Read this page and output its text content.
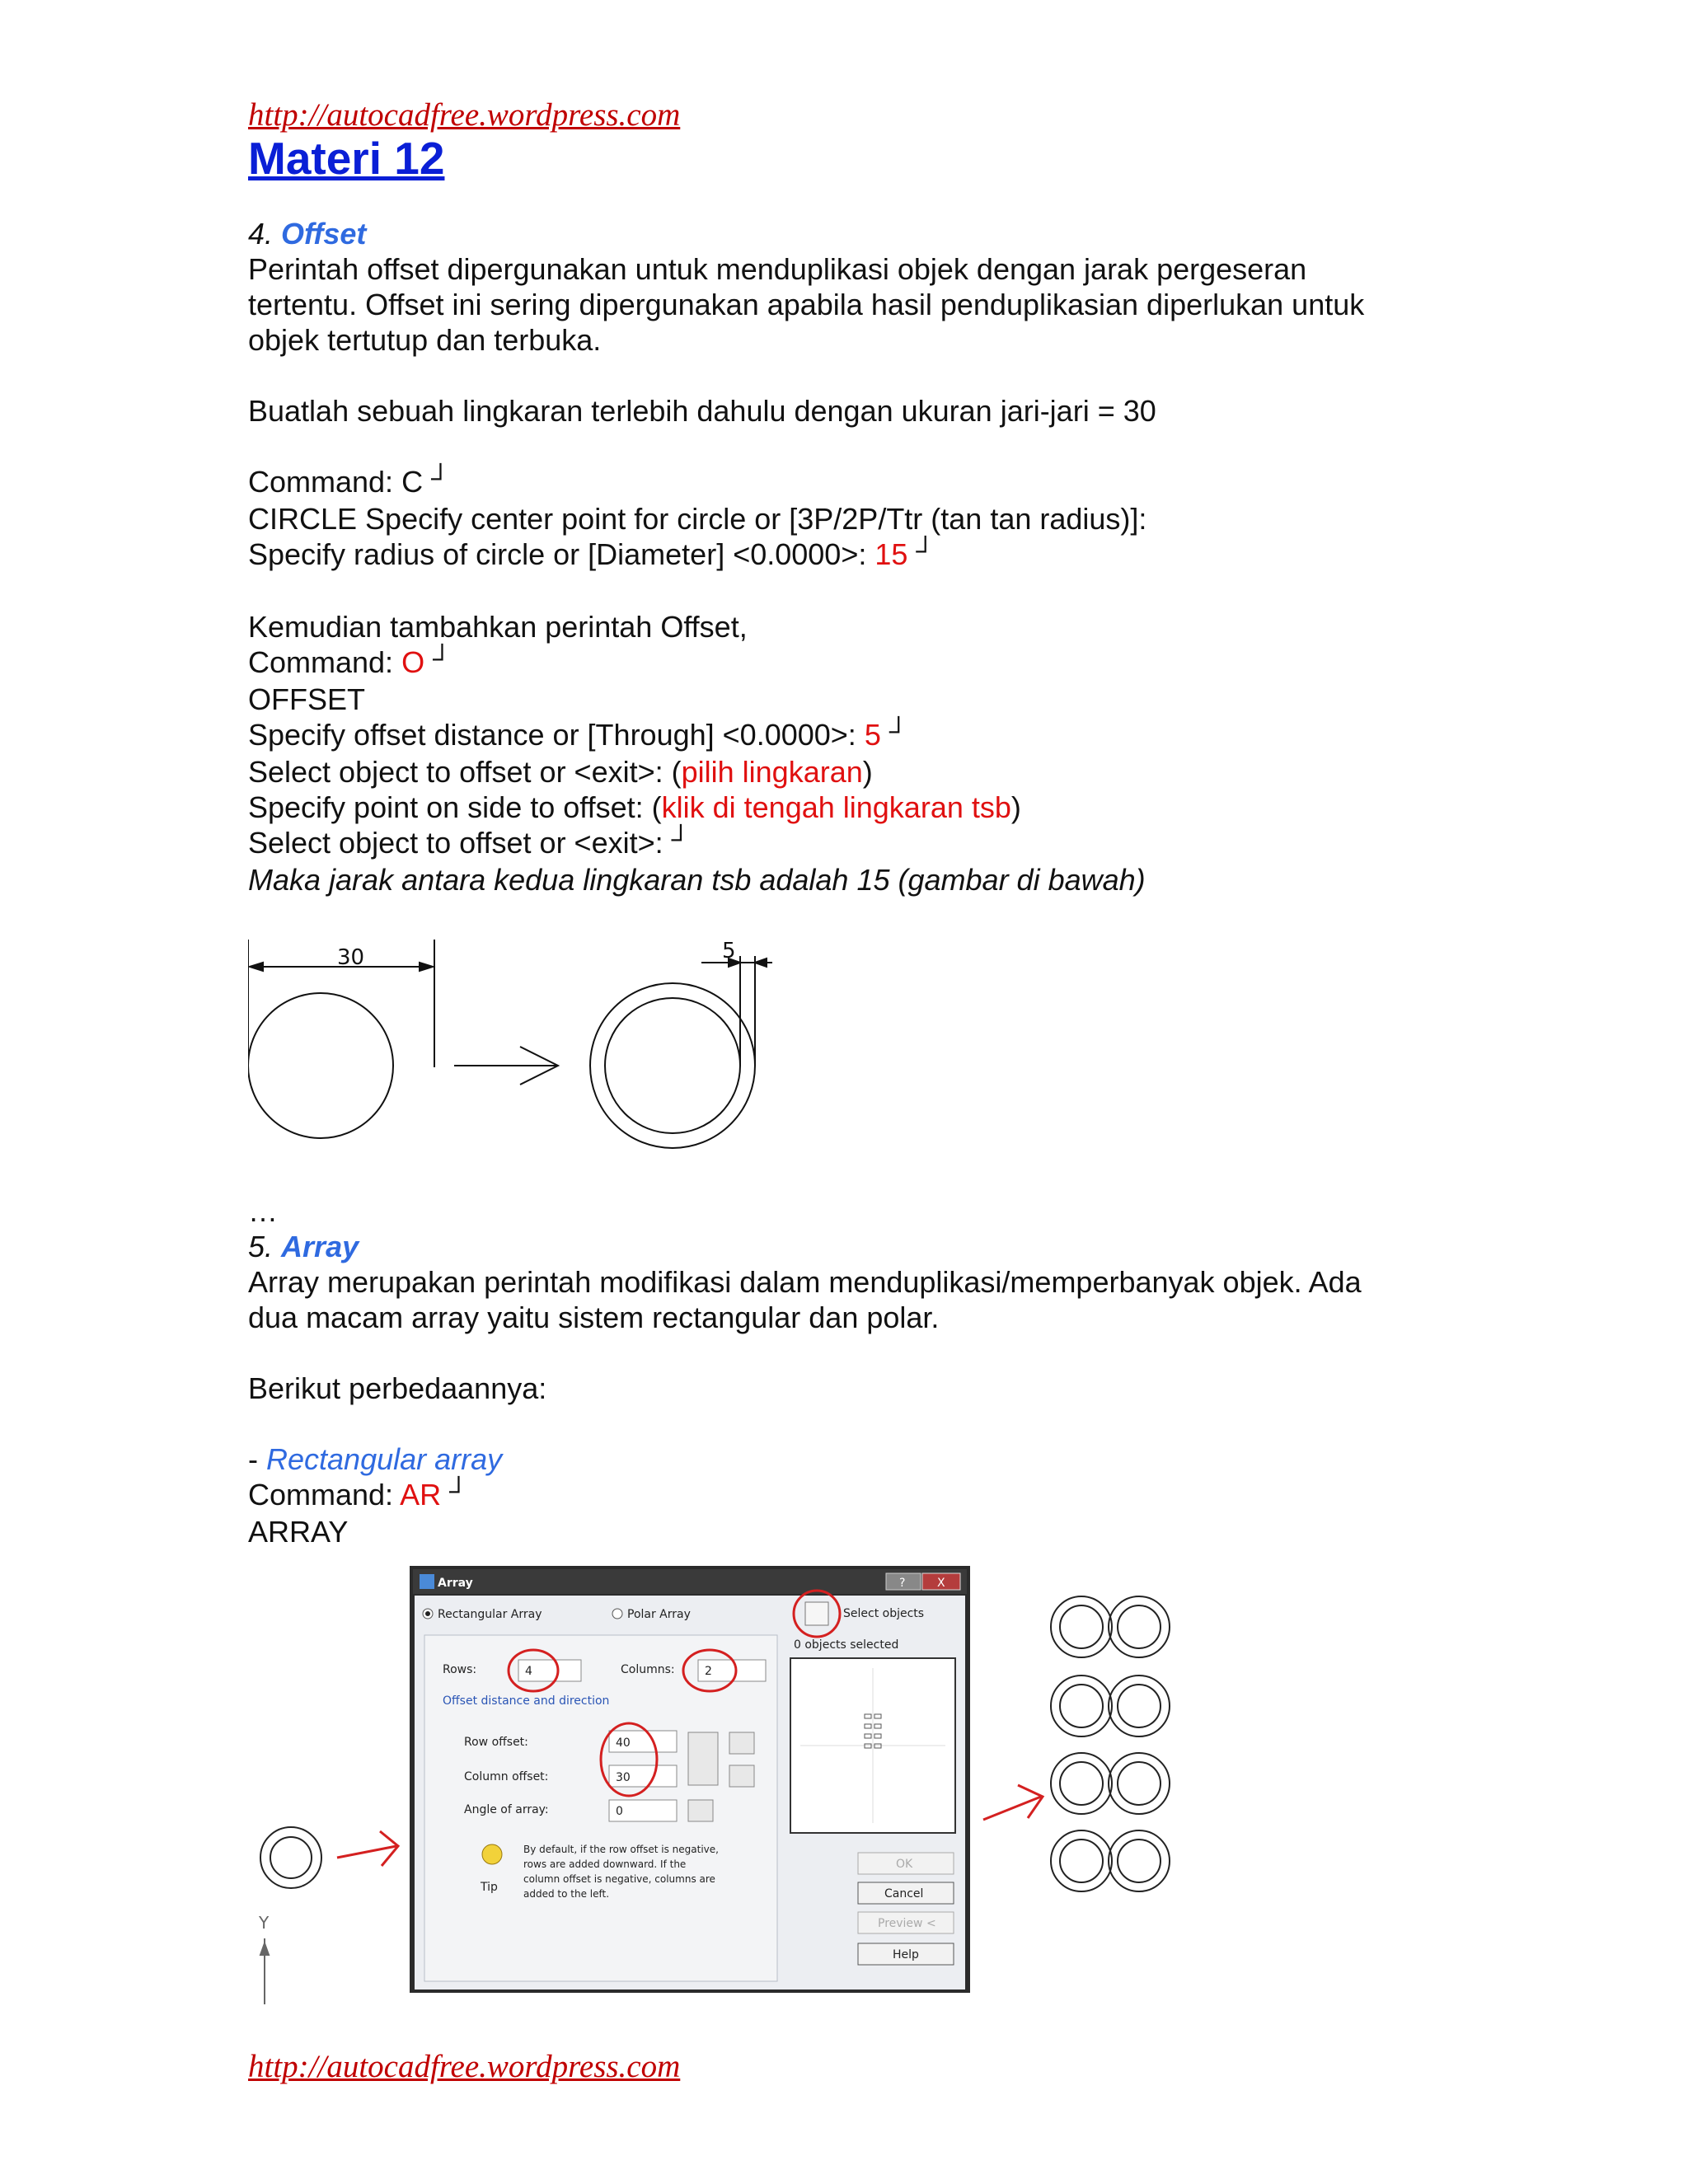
http://autocadfree.wordpress.com
Materi 12

4. Offset

Perintah offset dipergunakan untuk menduplikasi objek dengan jarak pergeseran

tertentu. Offset ini sering dipergunakan apabila hasil penduplikasian diperlukan untuk

objek tertutup dan terbuka.

Buatlah sebuah lingkaran terlebih dahulu dengan ukuran jari-jari = 30

Command: C ┘

CIRCLE Specify center point for circle or [3P/2P/Ttr (tan tan radius)]:

Specify radius of circle or [Diameter] <0.0000>: 15 ┘

Kemudian tambahkan perintah Offset,

Command: O ┘

OFFSET

Specify offset distance or [Through] <0.0000>: 5 ┘

Select object to offset or <exit>: (pilih lingkaran)

Specify point on side to offset: (klik di tengah lingkaran tsb)

Select object to offset or <exit>: ┘

Maka jarak antara kedua lingkaran tsb adalah 15 (gambar di bawah)

30	5

…

5. Array

Array merupakan perintah modifikasi dalam menduplikasi/memperbanyak objek. Ada

dua macam array yaitu sistem rectangular dan polar.

Berikut perbedaannya:

- Rectangular array

Command: AR ┘

ARRAY

Y
Array	?	X
Rectangular Array	Polar Array	Select objects
0 objects selected
Rows:	4	Columns:	2
Offset distance and direction
Row offset:	40
Column offset:	30
Angle of array:	0
Tip
By default, if the row offset is negative,
rows are added downward. If the
column offset is negative, columns are
added to the left.
OK
Cancel
Preview <
Help
http://autocadfree.wordpress.com
